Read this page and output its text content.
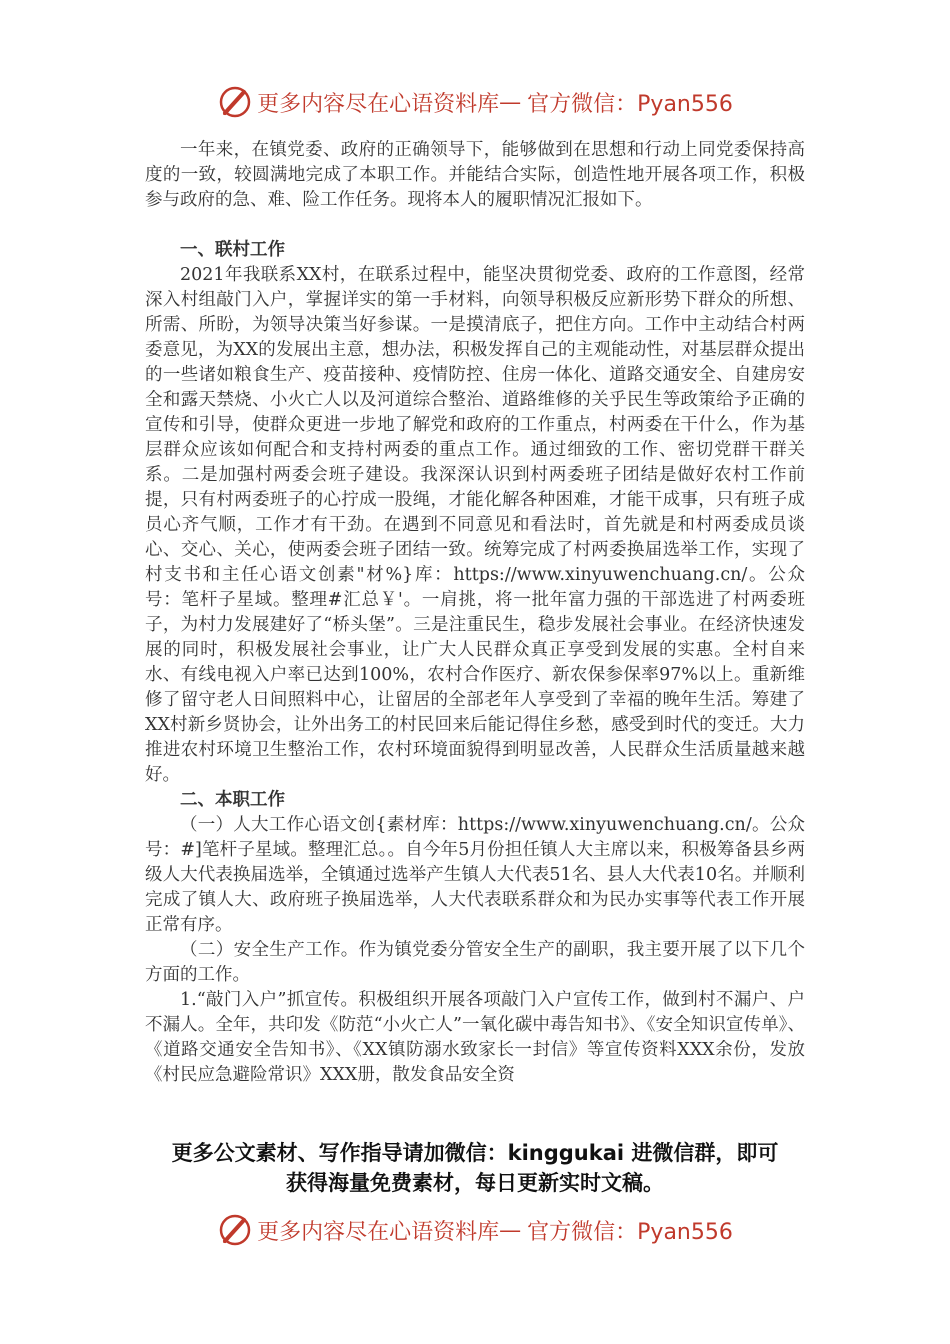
更多内容尽在心语资料库 — 官方微信：Pyan556

一年来，在镇党委、政府的正确领导下，能够做到在思想和行动上同党委保持高度的一致，较圆满地完成了本职工作。并能结合实际，创造性地开展各项工作，积极参与政府的急、难、险工作任务。现将本人的履职情况汇报如下。

一、联村工作

2021年我联系XX村，在联系过程中，能坚决贯彻党委、政府的工作意图，经常深入村组敲门入户，掌握详实的第一手材料，向领导积极反应新形势下群众的所想、所需、所盼，为领导决策当好参谋。一是摸清底子，把住方向。工作中主动结合村两委意见，为XX的发展出主意，想办法，积极发挥自己的主观能动性，对基层群众提出的一些诸如粮食生产、疫苗接种、疫情防控、住房一体化、道路交通安全、自建房安全和露天禁烧、小火亡人以及河道综合整治、道路维修的关乎民生等政策给予正确的宣传和引导，使群众更进一步地了解党和政府的工作重点，村两委在干什么，作为基层群众应该如何配合和支持村两委的重点工作。通过细致的工作、密切党群干群关系。二是加强村两委会班子建设。我深深认识到村两委班子团结是做好农村工作前提，只有村两委班子的心拧成一股绳，才能化解各种困难，才能干成事，只有班子成员心齐气顺，工作才有干劲。在遇到不同意见和看法时，首先就是和村两委成员谈心、交心、关心，使两委会班子团结一致。统筹完成了村两委换届选举工作，实现了村支书和主任心语文创素"材%}库：https://www.xinyuwenchuang.cn/。公众号：笔杆子星域。整理#汇总￥'。一肩挑，将一批年富力强的干部选进了村两委班子，为村力发展建好了“桥头堡”。三是注重民生，稳步发展社会事业。在经济快速发展的同时，积极发展社会事业，让广大人民群众真正享受到发展的实惠。全村自来水、有线电视入户率已达到100%，农村合作医疗、新农保参保率97%以上。重新维修了留守老人日间照料中心，让留居的全部老年人享受到了幸福的晚年生活。筹建了XX村新乡贤协会，让外出务工的村民回来后能记得住乡愁，感受到时代的变迁。大力推进农村环境卫生整治工作，农村环境面貌得到明显改善，人民群众生活质量越来越好。

二、本职工作

（一）人大工作心语文创{素材库：https://www.xinyuwenchuang.cn/。公众号：#]笔杆子星域。整理汇总。。自今年5月份担任镇人大主席以来，积极筹备县乡两级人大代表换届选举，全镇通过选举产生镇人大代表51名、县人大代表10名。并顺利完成了镇人大、政府班子换届选举，人大代表联系群众和为民办实事等代表工作开展正常有序。

（二）安全生产工作。作为镇党委分管安全生产的副职，我主要开展了以下几个方面的工作。

1.“敲门入户”抓宣传。积极组织开展各项敲门入户宣传工作，做到村不漏户、户不漏人。全年，共印发《防范“小火亡人”一氧化碳中毒告知书》、《安全知识宣传单》、《道路交通安全告知书》、《XX镇防溺水致家长一封信》等宣传资料XXX余份，发放《村民应急避险常识》XXX册，散发食品安全资

更多公文素材、写作指导请加微信：kinggukai 进微信群，即可
获得海量免费素材，每日更新实时文稿。
更多内容尽在心语资料库 — 官方微信：Pyan556
